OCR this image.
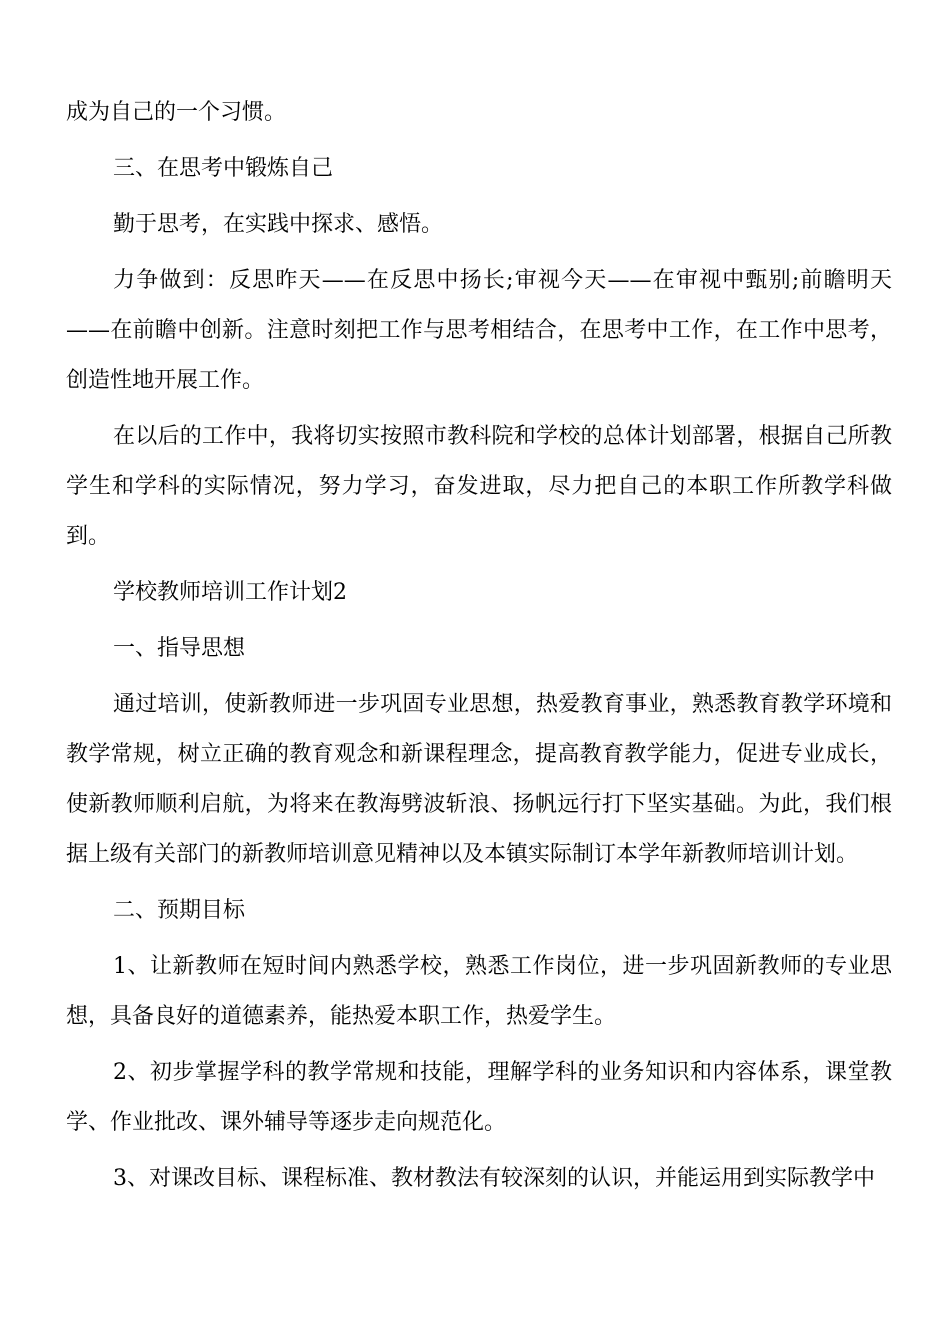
成为自己的一个习惯。

三、在思考中锻炼自己

勤于思考，在实践中探求、感悟。

力争做到：反思昨天——在反思中扬长;审视今天——在审视中甄别;前瞻明天——在前瞻中创新。注意时刻把工作与思考相结合，在思考中工作，在工作中思考，创造性地开展工作。

在以后的工作中，我将切实按照市教科院和学校的总体计划部署，根据自己所教学生和学科的实际情况，努力学习，奋发进取，尽力把自己的本职工作所教学科做到。

学校教师培训工作计划2

一、指导思想

通过培训，使新教师进一步巩固专业思想，热爱教育事业，熟悉教育教学环境和教学常规，树立正确的教育观念和新课程理念，提高教育教学能力，促进专业成长，使新教师顺利启航，为将来在教海劈波斩浪、扬帆远行打下坚实基础。为此，我们根据上级有关部门的新教师培训意见精神以及本镇实际制订本学年新教师培训计划。

二、预期目标

1、让新教师在短时间内熟悉学校，熟悉工作岗位，进一步巩固新教师的专业思想，具备良好的道德素养，能热爱本职工作，热爱学生。

2、初步掌握学科的教学常规和技能，理解学科的业务知识和内容体系，课堂教学、作业批改、课外辅导等逐步走向规范化。

3、对课改目标、课程标准、教材教法有较深刻的认识，并能运用到实际教学中
